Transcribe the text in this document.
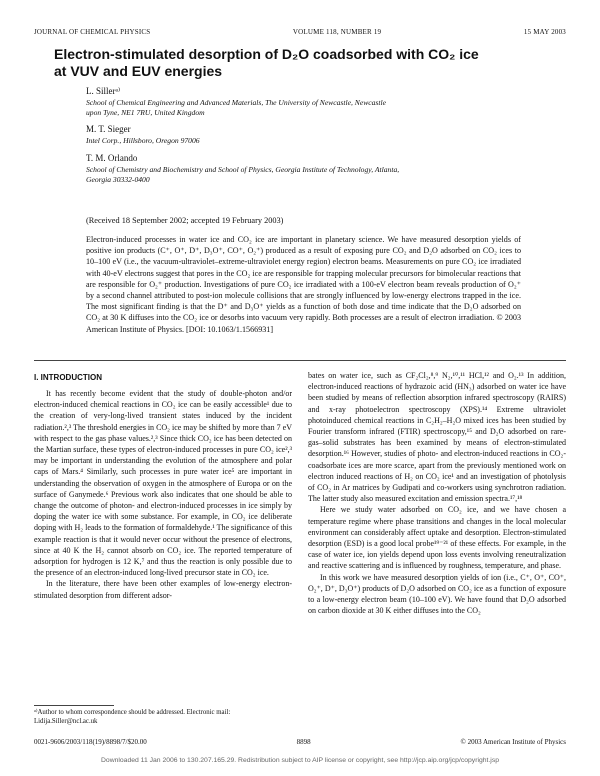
JOURNAL OF CHEMICAL PHYSICS	VOLUME 118, NUMBER 19	15 MAY 2003
Electron-stimulated desorption of D₂O coadsorbed with CO₂ ice
at VUV and EUV energies
L. Sillerᵃ⁾
School of Chemical Engineering and Advanced Materials, The University of Newcastle, Newcastle
upon Tyne, NE1 7RU, United Kingdom
M. T. Sieger
Intel Corp., Hillsboro, Oregon 97006
T. M. Orlando
School of Chemistry and Biochemistry and School of Physics, Georgia Institute of Technology, Atlanta,
Georgia 30332-0400
(Received 18 September 2002; accepted 19 February 2003)
Electron-induced processes in water ice and CO₂ ice are important in planetary science. We have measured desorption yields of positive ion products (C⁺, O⁺, D⁺, D₃O⁺, CO⁺, O₂⁺) produced as a result of exposing pure CO₂ and D₂O adsorbed on CO₂ ices to 10–100 eV (i.e., the vacuum-ultraviolet–extreme-ultraviolet energy region) electron beams. Measurements on pure CO₂ ice irradiated with 40-eV electrons suggest that pores in the CO₂ ice are responsible for trapping molecular precursors for bimolecular reactions that are responsible for O₂⁺ production. Investigations of pure CO₂ ice irradiated with a 100-eV electron beam reveals production of O₂⁺ by a second channel attributed to post-ion molecule collisions that are strongly influenced by low-energy electrons trapped in the ice. The most significant finding is that the D⁺ and D₃O⁺ yields as a function of both dose and time indicate that the D₂O adsorbed on CO₂ at 30 K diffuses into the CO₂ ice or desorbs into vacuum very rapidly. Both processes are a result of electron irradiation. © 2003 American Institute of Physics. [DOI: 10.1063/1.1566931]
I. INTRODUCTION

It has recently become evident that the study of double-photon and/or electron-induced chemical reactions in CO₂ ice can be easily accessible¹ due to the creation of very-long-lived transient states induced by the incident radiation.²,³ The threshold energies in CO₂ ice may be shifted by more than 7 eV with respect to the gas phase values.²,³ Since thick CO₂ ice has been detected on the Martian surface, these types of electron-induced processes in pure CO₂ ice²,³ may be important in understanding the evolution of the atmosphere and polar caps of Mars.⁴ Similarly, such processes in pure water ice⁵ are important in understanding the observation of oxygen in the atmosphere of Europa or on the surface of Ganymede.⁶ Previous work also indicates that one should be able to change the outcome of photon- and electron-induced processes in ice simply by doping the water ice with some substance. For example, in CO₂ ice deliberate doping with H₂ leads to the formation of formaldehyde.¹ The significance of this example reaction is that it would never occur without the presence of electrons, since at 40 K the H₂ cannot absorb on CO₂ ice. The reported temperature of adsorption for hydrogen is 12 K,⁷ and thus the reaction is only possible due to the presence of an electron-induced long-lived precursor state in CO₂ ice.

In the literature, there have been other examples of low-energy electron-stimulated desorption from different adsor-

bates on water ice, such as CF₂Cl₂,⁸,⁹ N₂,¹⁰,¹¹ HCl,¹² and O₂.¹³ In addition, electron-induced reactions of hydrazoic acid (HN₃) adsorbed on water ice have been studied by means of reflection absorption infrared spectroscopy (RAIRS) and x-ray photoelectron spectroscopy (XPS).¹⁴ Extreme ultraviolet photoinduced chemical reactions in C₂H₂–H₂O mixed ices has been studied by Fourier transform infrared (FTIR) spectroscopy,¹⁵ and D₂O adsorbed on rare-gas–solid substrates has been examined by means of electron-stimulated desorption.¹⁶ However, studies of photo- and electron-induced reactions in CO₂-coadsorbate ices are more scarce, apart from the previously mentioned work on electron induced reactions of H₂ on CO₂ ice¹ and an investigation of photolysis of CO₂ in Ar matrices by Gudipati and co-workers using synchrotron radiation. The latter study also measured excitation and emission spectra.¹⁷,¹⁸

Here we study water adsorbed on CO₂ ice, and we have chosen a temperature regime where phase transitions and changes in the local molecular environment can considerably affect uptake and desorption. Electron-stimulated desorption (ESD) is a good local probe¹⁹⁻²¹ of these effects. For example, in the case of water ice, ion yields depend upon loss events involving reneutralization and reactive scattering and is influenced by roughness, temperature, and phase.

In this work we have measured desorption yields of ion (i.e., C⁺, O⁺, CO⁺, O₂⁺, D⁺, D₃O⁺) products of D₂O adsorbed on CO₂ ice as a function of exposure to a low-energy electron beam (10–100 eV). We have found that D₂O adsorbed on carbon dioxide at 30 K either diffuses into the CO₂

ᵃ⁾Author to whom correspondence should be addressed. Electronic mail: Lidija.Siller@ncl.ac.uk
0021-9606/2003/118(19)/8898/7/$20.00	8898	© 2003 American Institute of Physics
Downloaded 11 Jan 2006 to 130.207.165.29. Redistribution subject to AIP license or copyright, see http://jcp.aip.org/jcp/copyright.jsp
